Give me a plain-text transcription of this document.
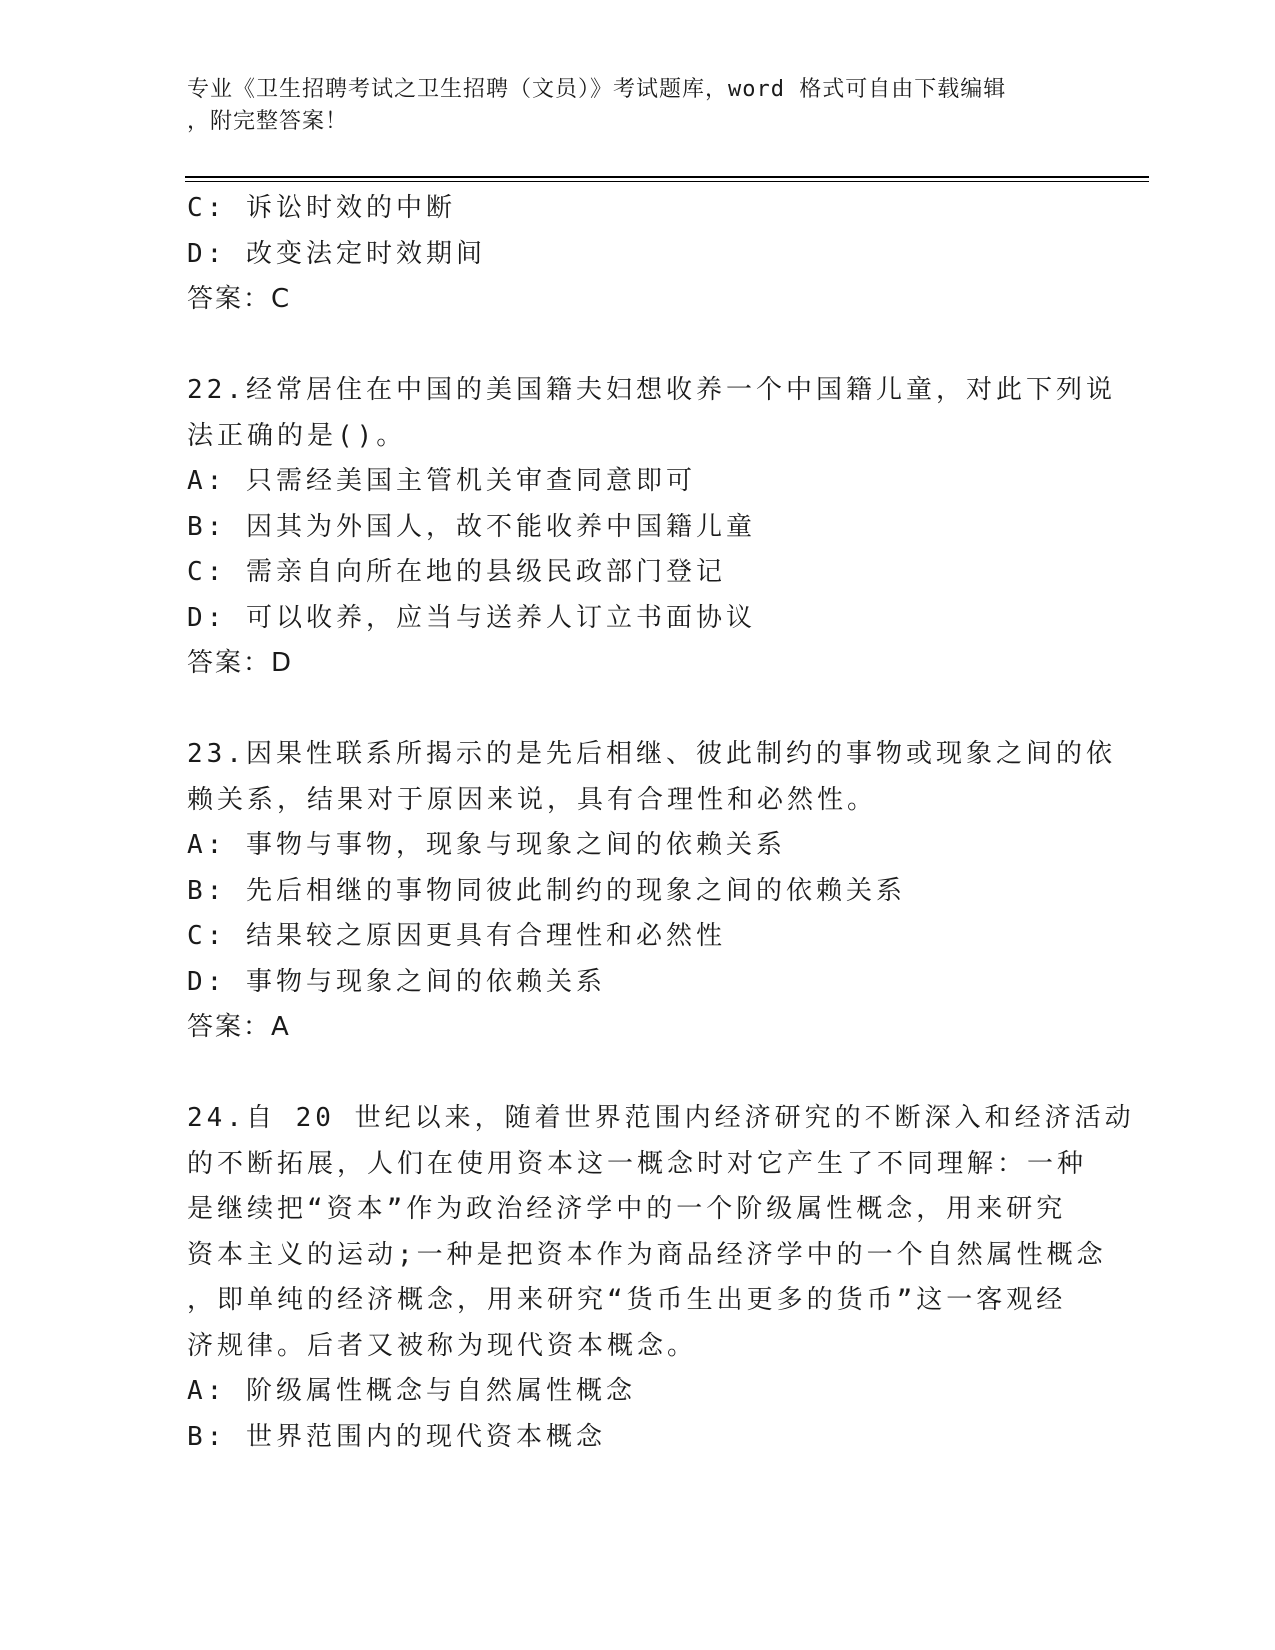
专业《卫生招聘考试之卫生招聘（文员）》考试题库，word 格式可自由下载编辑
，附完整答案！
C: 诉讼时效的中断
D: 改变法定时效期间
答案：C
22.经常居住在中国的美国籍夫妇想收养一个中国籍儿童，对此下列说
法正确的是()。
A: 只需经美国主管机关审查同意即可
B: 因其为外国人，故不能收养中国籍儿童
C: 需亲自向所在地的县级民政部门登记
D: 可以收养，应当与送养人订立书面协议
答案：D
23.因果性联系所揭示的是先后相继、彼此制约的事物或现象之间的依
赖关系，结果对于原因来说，具有合理性和必然性。
A: 事物与事物，现象与现象之间的依赖关系
B: 先后相继的事物同彼此制约的现象之间的依赖关系
C: 结果较之原因更具有合理性和必然性
D: 事物与现象之间的依赖关系
答案：A
24.自 20 世纪以来，随着世界范围内经济研究的不断深入和经济活动
的不断拓展，人们在使用资本这一概念时对它产生了不同理解：一种
是继续把“资本”作为政治经济学中的一个阶级属性概念，用来研究
资本主义的运动;一种是把资本作为商品经济学中的一个自然属性概念
，即单纯的经济概念，用来研究“货币生出更多的货币”这一客观经
济规律。后者又被称为现代资本概念。
A: 阶级属性概念与自然属性概念
B: 世界范围内的现代资本概念
